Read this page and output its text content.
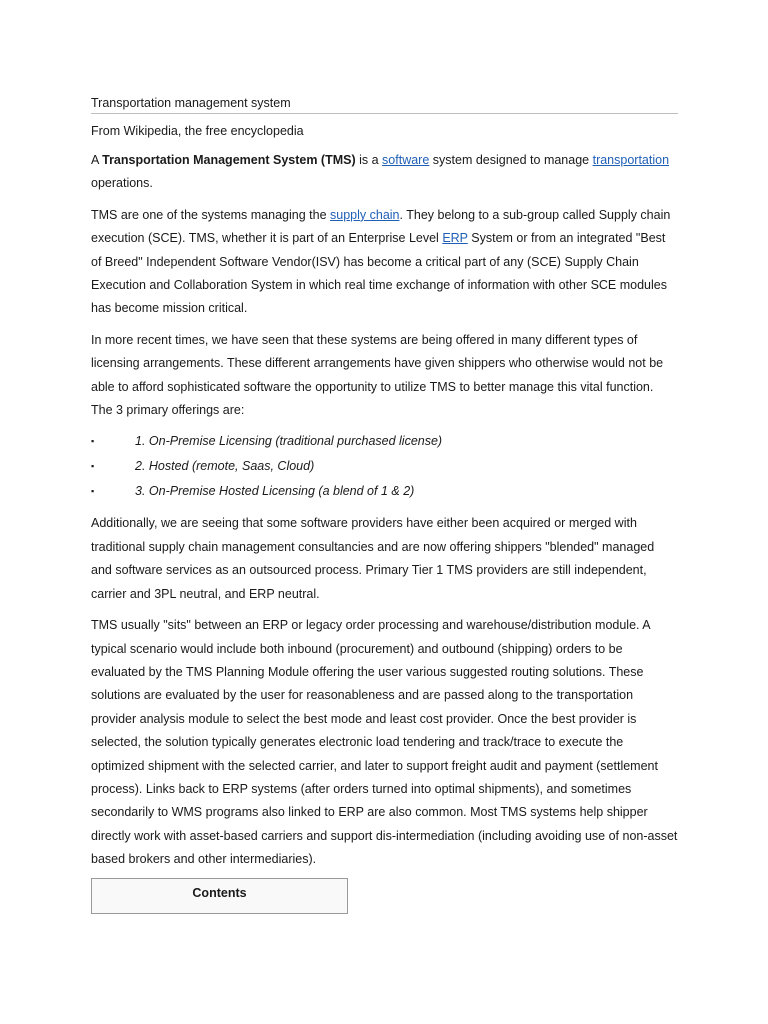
Transportation management system

From Wikipedia, the free encyclopedia

A Transportation Management System (TMS) is a software system designed to manage transportation operations.

TMS are one of the systems managing the supply chain. They belong to a sub-group called Supply chain execution (SCE). TMS, whether it is part of an Enterprise Level ERP System or from an integrated "Best of Breed" Independent Software Vendor(ISV) has become a critical part of any (SCE) Supply Chain Execution and Collaboration System in which real time exchange of information with other SCE modules has become mission critical.

In more recent times, we have seen that these systems are being offered in many different types of licensing arrangements. These different arrangements have given shippers who otherwise would not be able to afford sophisticated software the opportunity to utilize TMS to better manage this vital function. The 3 primary offerings are:

▪	1. On-Premise Licensing (traditional purchased license)
▪	2. Hosted (remote, Saas, Cloud)
▪	3. On-Premise Hosted Licensing (a blend of 1 & 2)

Additionally, we are seeing that some software providers have either been acquired or merged with traditional supply chain management consultancies and are now offering shippers "blended" managed and software services as an outsourced process. Primary Tier 1 TMS providers are still independent, carrier and 3PL neutral, and ERP neutral.

TMS usually "sits" between an ERP or legacy order processing and warehouse/distribution module. A typical scenario would include both inbound (procurement) and outbound (shipping) orders to be evaluated by the TMS Planning Module offering the user various suggested routing solutions. These solutions are evaluated by the user for reasonableness and are passed along to the transportation provider analysis module to select the best mode and least cost provider. Once the best provider is selected, the solution typically generates electronic load tendering and track/trace to execute the optimized shipment with the selected carrier, and later to support freight audit and payment (settlement process). Links back to ERP systems (after orders turned into optimal shipments), and sometimes secondarily to WMS programs also linked to ERP are also common. Most TMS systems help shipper directly work with asset-based carriers and support dis-intermediation (including avoiding use of non-asset based brokers and other intermediaries).

Contents
